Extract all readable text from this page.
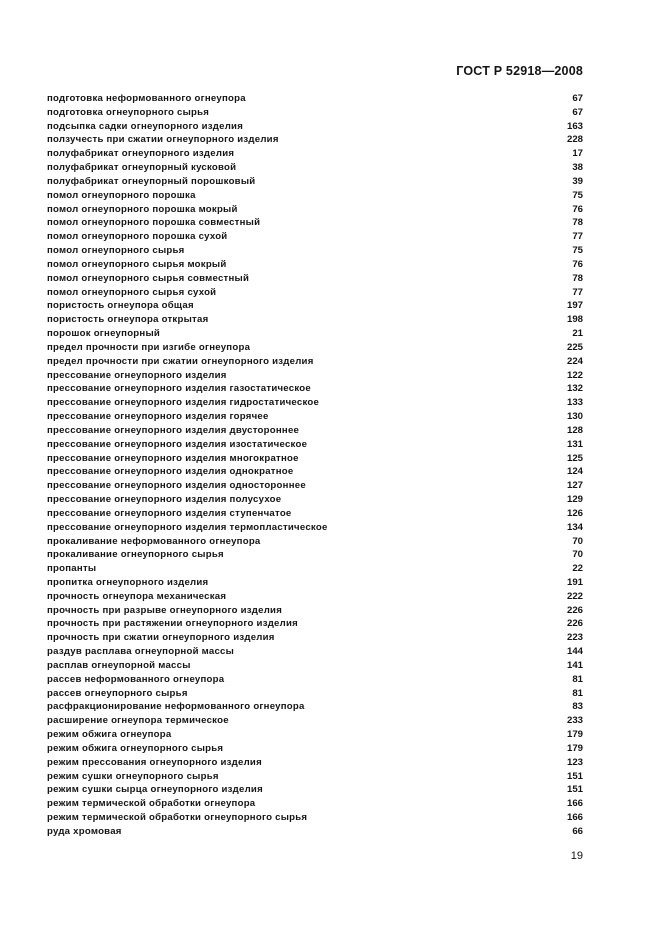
ГОСТ Р 52918—2008
подготовка неформованного огнеупора	67
подготовка огнеупорного сырья	67
подсыпка садки огнеупорного изделия	163
ползучесть при сжатии огнеупорного изделия	228
полуфабрикат огнеупорного изделия	17
полуфабрикат огнеупорный кусковой	38
полуфабрикат огнеупорный порошковый	39
помол огнеупорного порошка	75
помол огнеупорного порошка мокрый	76
помол огнеупорного порошка совместный	78
помол огнеупорного порошка сухой	77
помол огнеупорного сырья	75
помол огнеупорного сырья мокрый	76
помол огнеупорного сырья совместный	78
помол огнеупорного сырья сухой	77
пористость огнеупора общая	197
пористость огнеупора открытая	198
порошок огнеупорный	21
предел прочности при изгибе огнеупора	225
предел прочности при сжатии огнеупорного изделия	224
прессование огнеупорного изделия	122
прессование огнеупорного изделия газостатическое	132
прессование огнеупорного изделия гидростатическое	133
прессование огнеупорного изделия горячее	130
прессование огнеупорного изделия двустороннее	128
прессование огнеупорного изделия изостатическое	131
прессование огнеупорного изделия многократное	125
прессование огнеупорного изделия однократное	124
прессование огнеупорного изделия одностороннее	127
прессование огнеупорного изделия полусухое	129
прессование огнеупорного изделия ступенчатое	126
прессование огнеупорного изделия термопластическое	134
прокаливание неформованного огнеупора	70
прокаливание огнеупорного сырья	70
пропанты	22
пропитка огнеупорного изделия	191
прочность огнеупора механическая	222
прочность при разрыве огнеупорного изделия	226
прочность при растяжении огнеупорного изделия	226
прочность при сжатии огнеупорного изделия	223
раздув расплава огнеупорной массы	144
расплав огнеупорной массы	141
рассев неформованного огнеупора	81
рассев огнеупорного сырья	81
расфракционирование неформованного огнеупора	83
расширение огнеупора термическое	233
режим обжига огнеупора	179
режим обжига огнеупорного сырья	179
режим прессования огнеупорного изделия	123
режим сушки огнеупорного сырья	151
режим сушки сырца огнеупорного изделия	151
режим термической обработки огнеупора	166
режим термической обработки огнеупорного сырья	166
руда хромовая	66
19
